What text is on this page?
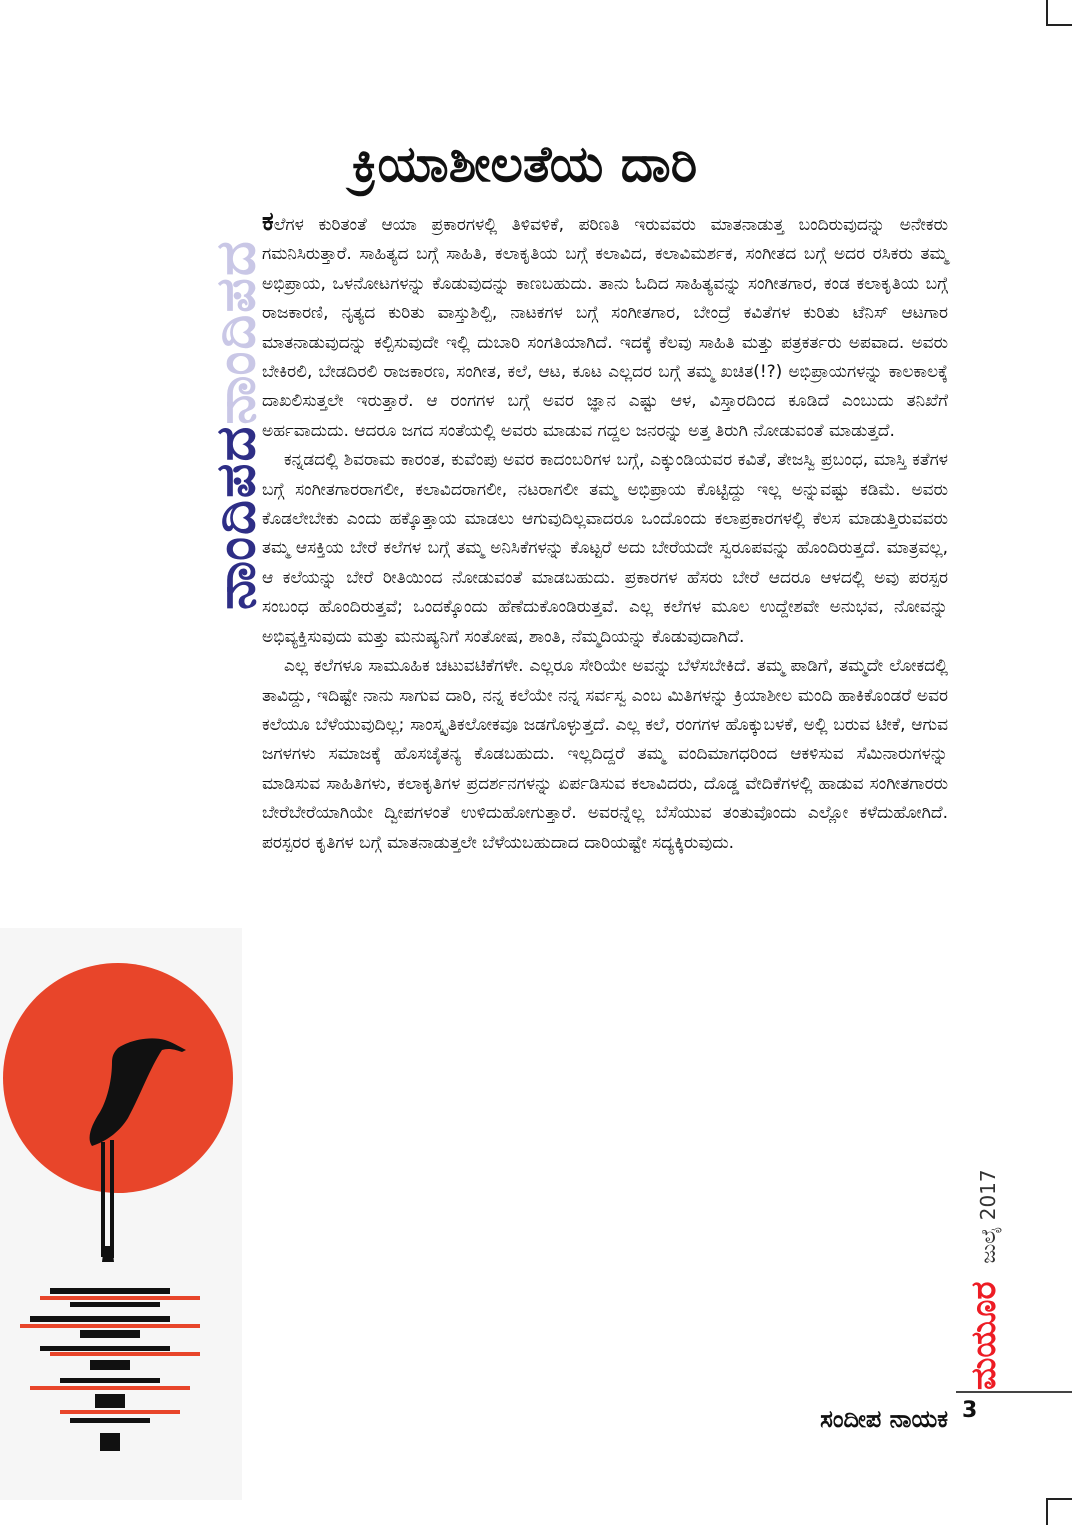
ನಾಂದಿಪದನಾಂದಿಪದ
ಕ್ರಿಯಾಶೀಲತೆಯ ದಾರಿ

ಕಲೆಗಳ ಕುರಿತಂತೆ ಆಯಾ ಪ್ರಕಾರಗಳಲ್ಲಿ ತಿಳಿವಳಿಕೆ, ಪರಿಣತಿ ಇರುವವರು ಮಾತನಾಡುತ್ತ ಬಂದಿರುವುದನ್ನು ಅನೇಕರು ಗಮನಿಸಿರುತ್ತಾರೆ. ಸಾಹಿತ್ಯದ ಬಗ್ಗೆ ಸಾಹಿತಿ, ಕಲಾಕೃತಿಯ ಬಗ್ಗೆ ಕಲಾವಿದ, ಕಲಾವಿಮರ್ಶಕ, ಸಂಗೀತದ ಬಗ್ಗೆ ಅದರ ರಸಿಕರು ತಮ್ಮ ಅಭಿಪ್ರಾಯ, ಒಳನೋಟಗಳನ್ನು ಕೊಡುವುದನ್ನು ಕಾಣಬಹುದು. ತಾನು ಓದಿದ ಸಾಹಿತ್ಯವನ್ನು ಸಂಗೀತಗಾರ, ಕಂಡ ಕಲಾಕೃತಿಯ ಬಗ್ಗೆ ರಾಜಕಾರಣಿ, ನೃತ್ಯದ ಕುರಿತು ವಾಸ್ತುಶಿಲ್ಪಿ, ನಾಟಕಗಳ ಬಗ್ಗೆ ಸಂಗೀತಗಾರ, ಬೇಂದ್ರೆ ಕವಿತೆಗಳ ಕುರಿತು ಟೆನಿಸ್ ಆಟಗಾರ ಮಾತನಾಡುವುದನ್ನು ಕಲ್ಪಿಸುವುದೇ ಇಲ್ಲಿ ದುಬಾರಿ ಸಂಗತಿಯಾಗಿದೆ. ಇದಕ್ಕೆ ಕೆಲವು ಸಾಹಿತಿ ಮತ್ತು ಪತ್ರಕರ್ತರು ಅಪವಾದ. ಅವರು ಬೇಕಿರಲಿ, ಬೇಡದಿರಲಿ ರಾಜಕಾರಣ, ಸಂಗೀತ, ಕಲೆ, ಆಟ, ಕೂಟ ಎಲ್ಲದರ ಬಗ್ಗೆ ತಮ್ಮ ಖಚಿತ(!?) ಅಭಿಪ್ರಾಯಗಳನ್ನು ಕಾಲಕಾಲಕ್ಕೆ ದಾಖಲಿಸುತ್ತಲೇ ಇರುತ್ತಾರೆ. ಆ ರಂಗಗಳ ಬಗ್ಗೆ ಅವರ ಜ್ಞಾನ ಎಷ್ಟು ಆಳ, ವಿಸ್ತಾರದಿಂದ ಕೂಡಿದೆ ಎಂಬುದು ತನಿಖೆಗೆ ಅರ್ಹವಾದುದು. ಆದರೂ ಜಗದ ಸಂತೆಯಲ್ಲಿ ಅವರು ಮಾಡುವ ಗದ್ದಲ ಜನರನ್ನು ಅತ್ತ ತಿರುಗಿ ನೋಡುವಂತೆ ಮಾಡುತ್ತದೆ.

ಕನ್ನಡದಲ್ಲಿ ಶಿವರಾಮ ಕಾರಂತ, ಕುವೆಂಪು ಅವರ ಕಾದಂಬರಿಗಳ ಬಗ್ಗೆ, ಎಕ್ಕುಂಡಿಯವರ ಕವಿತೆ, ತೇಜಸ್ವಿ ಪ್ರಬಂಧ, ಮಾಸ್ತಿ ಕತೆಗಳ ಬಗ್ಗೆ ಸಂಗೀತಗಾರರಾಗಲೀ, ಕಲಾವಿದರಾಗಲೀ, ನಟರಾಗಲೀ ತಮ್ಮ ಅಭಿಪ್ರಾಯ ಕೊಟ್ಟಿದ್ದು ಇಲ್ಲ ಅನ್ನುವಷ್ಟು ಕಡಿಮೆ. ಅವರು ಕೊಡಲೇಬೇಕು ಎಂದು ಹಕ್ಕೊತ್ತಾಯ ಮಾಡಲು ಆಗುವುದಿಲ್ಲವಾದರೂ ಒಂದೊಂದು ಕಲಾಪ್ರಕಾರಗಳಲ್ಲಿ ಕೆಲಸ ಮಾಡುತ್ತಿರುವವರು ತಮ್ಮ ಆಸಕ್ತಿಯ ಬೇರೆ ಕಲೆಗಳ ಬಗ್ಗೆ ತಮ್ಮ ಅನಿಸಿಕೆಗಳನ್ನು ಕೊಟ್ಟರೆ ಅದು ಬೇರೆಯದೇ ಸ್ವರೂಪವನ್ನು ಹೊಂದಿರುತ್ತದೆ. ಮಾತ್ರವಲ್ಲ, ಆ ಕಲೆಯನ್ನು ಬೇರೆ ರೀತಿಯಿಂದ ನೋಡುವಂತೆ ಮಾಡಬಹುದು. ಪ್ರಕಾರಗಳ ಹೆಸರು ಬೇರೆ ಆದರೂ ಆಳದಲ್ಲಿ ಅವು ಪರಸ್ಪರ ಸಂಬಂಧ ಹೊಂದಿರುತ್ತವೆ; ಒಂದಕ್ಕೊಂದು ಹೆಣೆದುಕೊಂಡಿರುತ್ತವೆ. ಎಲ್ಲ ಕಲೆಗಳ ಮೂಲ ಉದ್ದೇಶವೇ ಅನುಭವ, ನೋವನ್ನು ಅಭಿವ್ಯಕ್ತಿಸುವುದು ಮತ್ತು ಮನುಷ್ಯನಿಗೆ ಸಂತೋಷ, ಶಾಂತಿ, ನೆಮ್ಮದಿಯನ್ನು ಕೊಡುವುದಾಗಿದೆ.

ಎಲ್ಲ ಕಲೆಗಳೂ ಸಾಮೂಹಿಕ ಚಟುವಟಿಕೆಗಳೇ. ಎಲ್ಲರೂ ಸೇರಿಯೇ ಅವನ್ನು ಬೆಳೆಸಬೇಕಿದೆ. ತಮ್ಮ ಪಾಡಿಗೆ, ತಮ್ಮದೇ ಲೋಕದಲ್ಲಿ ತಾವಿದ್ದು, ಇದಿಷ್ಟೇ ನಾನು ಸಾಗುವ ದಾರಿ, ನನ್ನ ಕಲೆಯೇ ನನ್ನ ಸರ್ವಸ್ವ ಎಂಬ ಮಿತಿಗಳನ್ನು ಕ್ರಿಯಾಶೀಲ ಮಂದಿ ಹಾಕಿಕೊಂಡರೆ ಅವರ ಕಲೆಯೂ ಬೆಳೆಯುವುದಿಲ್ಲ; ಸಾಂಸ್ಕೃತಿಕಲೋಕವೂ ಜಡಗೊಳ್ಳುತ್ತದೆ. ಎಲ್ಲ ಕಲೆ, ರಂಗಗಳ ಹೊಕ್ಕುಬಳಕೆ, ಅಲ್ಲಿ ಬರುವ ಟೀಕೆ, ಆಗುವ ಜಗಳಗಳು ಸಮಾಜಕ್ಕೆ ಹೊಸಚೈತನ್ಯ ಕೊಡಬಹುದು. ಇಲ್ಲದಿದ್ದರೆ ತಮ್ಮ ವಂದಿಮಾಗಧರಿಂದ ಆಕಳಿಸುವ ಸೆಮಿನಾರುಗಳನ್ನು ಮಾಡಿಸುವ ಸಾಹಿತಿಗಳು, ಕಲಾಕೃತಿಗಳ ಪ್ರದರ್ಶನಗಳನ್ನು ಏರ್ಪಡಿಸುವ ಕಲಾವಿದರು, ದೊಡ್ಡ ವೇದಿಕೆಗಳಲ್ಲಿ ಹಾಡುವ ಸಂಗೀತಗಾರರು ಬೇರೆಬೇರೆಯಾಗಿಯೇ ದ್ವೀಪಗಳಂತೆ ಉಳಿದುಹೋಗುತ್ತಾರೆ. ಅವರನ್ನೆಲ್ಲ ಬೆಸೆಯುವ ತಂತುವೊಂದು ಎಲ್ಲೋ ಕಳೆದುಹೋಗಿದೆ. ಪರಸ್ಪರರ ಕೃತಿಗಳ ಬಗ್ಗೆ ಮಾತನಾಡುತ್ತಲೇ ಬೆಳೆಯಬಹುದಾದ ದಾರಿಯಷ್ಟೇ ಸದ್ಯಕ್ಕಿರುವುದು.

ಸಂದೀಪ ನಾಯಕ
ಮಯೂರಜುಲೈ 2017
3
